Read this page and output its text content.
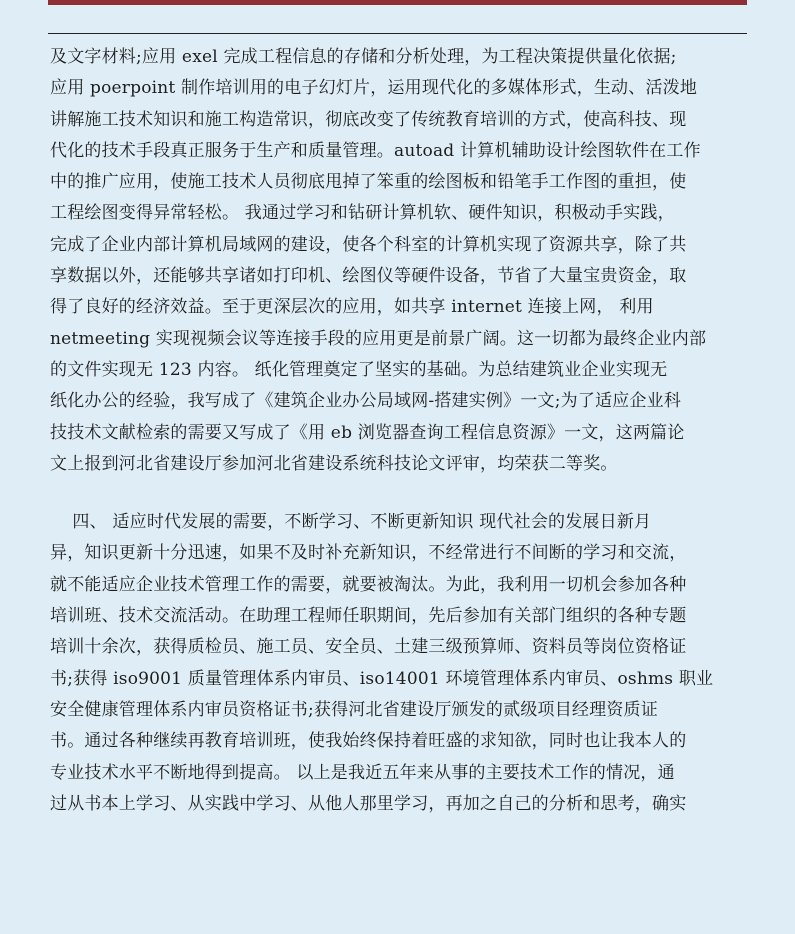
及文字材料;应用 exel 完成工程信息的存储和分析处理，为工程决策提供量化依据;
应用 poerpoint 制作培训用的电子幻灯片，运用现代化的多媒体形式，生动、活泼地
讲解施工技术知识和施工构造常识，彻底改变了传统教育培训的方式，使高科技、现
代化的技术手段真正服务于生产和质量管理。autoad 计算机辅助设计绘图软件在工作
中的推广应用，使施工技术人员彻底甩掉了笨重的绘图板和铅笔手工作图的重担，使
工程绘图变得异常轻松。 我通过学习和钻研计算机软、硬件知识，积极动手实践，
完成了企业内部计算机局域网的建设，使各个科室的计算机实现了资源共享，除了共
享数据以外，还能够共享诸如打印机、绘图仪等硬件设备，节省了大量宝贵资金，取
得了良好的经济效益。至于更深层次的应用，如共享 internet 连接上网， 利用
netmeeting 实现视频会议等连接手段的应用更是前景广阔。这一切都为最终企业内部
的文件实现无 123 内容。 纸化管理奠定了坚实的基础。为总结建筑业企业实现无
纸化办公的经验，我写成了《建筑企业办公局域网-搭建实例》一文;为了适应企业科
技技术文献检索的需要又写成了《用 eb 浏览器查询工程信息资源》一文，这两篇论
文上报到河北省建设厅参加河北省建设系统科技论文评审，均荣获二等奖。
四、 适应时代发展的需要，不断学习、不断更新知识 现代社会的发展日新月
异，知识更新十分迅速，如果不及时补充新知识，不经常进行不间断的学习和交流，
就不能适应企业技术管理工作的需要，就要被淘汰。为此，我利用一切机会参加各种
培训班、技术交流活动。在助理工程师任职期间，先后参加有关部门组织的各种专题
培训十余次，获得质检员、施工员、安全员、土建三级预算师、资料员等岗位资格证
书;获得 iso9001 质量管理体系内审员、iso14001 环境管理体系内审员、oshms 职业
安全健康管理体系内审员资格证书;获得河北省建设厅颁发的贰级项目经理资质证
书。通过各种继续再教育培训班，使我始终保持着旺盛的求知欲，同时也让我本人的
专业技术水平不断地得到提高。 以上是我近五年来从事的主要技术工作的情况，通
过从书本上学习、从实践中学习、从他人那里学习，再加之自己的分析和思考，确实
